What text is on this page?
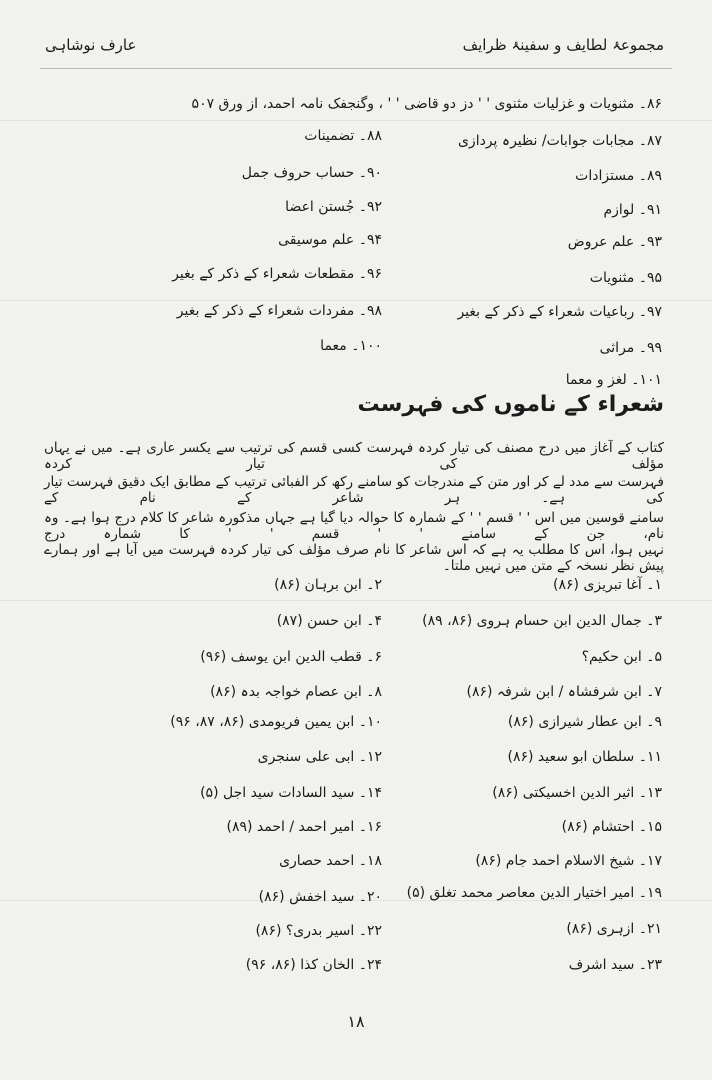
مجموعۂ لطایف و سفینۂ ظرایف
عارف نوشاہی
۸۶۔ مثنویات و غزلیات مثنوی ' ' دز دو قاضی ' ' ، وگنجفک نامہ احمد، از ورق ۵۰۷
۸۷۔ مجابات جوابات/ نظیرہ پردازی
۸۸۔ تضمینات
۸۹۔ مستزادات
۹۰۔ حساب حروف جمل
۹۱۔ لوازم
۹۲۔ جُستن اعضا
۹۳۔ علم عروض
۹۴۔ علم موسیقی
۹۵۔ مثنویات
۹۶۔ مقطعات شعراء کے ذکر کے بغیر
۹۷۔ رباعیات شعراء کے ذکر کے بغیر
۹۸۔ مفردات شعراء کے ذکر کے بغیر
۹۹۔ مراثی
۱۰۰۔ معما
۱۰۱۔ لغز و معما
شعراء کے ناموں کی فہرست
کتاب کے آغاز میں درج مصنف کی تیار کردہ فہرست کسی قسم کی ترتیب سے یکسر عاری ہے۔ میں نے یہاں مؤلف کی تیار کردہ
فہرست سے مدد لے کر اور متن کے مندرجات کو سامنے رکھ کر الفبائی ترتیب کے مطابق ایک دقیق فہرست تیار کی ہے۔ ہر شاعر کے نام کے
سامنے قوسین میں اس ' ' قسم ' ' کے شمارہ کا حوالہ دیا گیا ہے جہاں مذکورہ شاعر کا کلام درج ہوا ہے۔ وہ نام، جن کے سامنے ' ' قسم ' ' کا شمارہ درج
نہیں ہوا، اس کا مطلب یہ ہے کہ اس شاعر کا نام صرف مؤلف کی تیار کردہ فہرست میں آیا ہے اور ہمارے پیش نظر نسخہ کے متن میں نہیں ملتا۔
۱۔ آغا تبریزی (۸۶)
۲۔ ابن برہان (۸۶)
۳۔ جمال الدین ابن حسام ہروی (۸۶، ۸۹)
۴۔ ابن حسن (۸۷)
۵۔ ابن حکیم؟
۶۔ قطب الدین ابن یوسف (۹۶)
۷۔ ابن شرفشاہ / ابن شرفہ (۸۶)
۸۔ ابن عصام خواجہ بدہ (۸۶)
۹۔ ابن عطار شیرازی (۸۶)
۱۰۔ ابن یمین فریومدی (۸۶، ۸۷، ۹۶)
۱۱۔ سلطان ابو سعید (۸۶)
۱۲۔ ابی علی سنجری
۱۳۔ اثیر الدین اخسیکتی (۸۶)
۱۴۔ سید السادات سید اجل (۵)
۱۵۔ احتشام (۸۶)
۱۶۔ امیر احمد / احمد (۸۹)
۱۷۔ شیخ الاسلام احمد جام (۸۶)
۱۸۔ احمد حصاری
۱۹۔ امیر اختیار الدین معاصر محمد تغلق (۵)
۲۰۔ سید اخفش (۸۶)
۲۱۔ ازہری (۸۶)
۲۲۔ اسیر بدری؟ (۸۶)
۲۳۔ سید اشرف
۲۴۔ الخان کذا (۸۶، ۹۶)
۱۸
